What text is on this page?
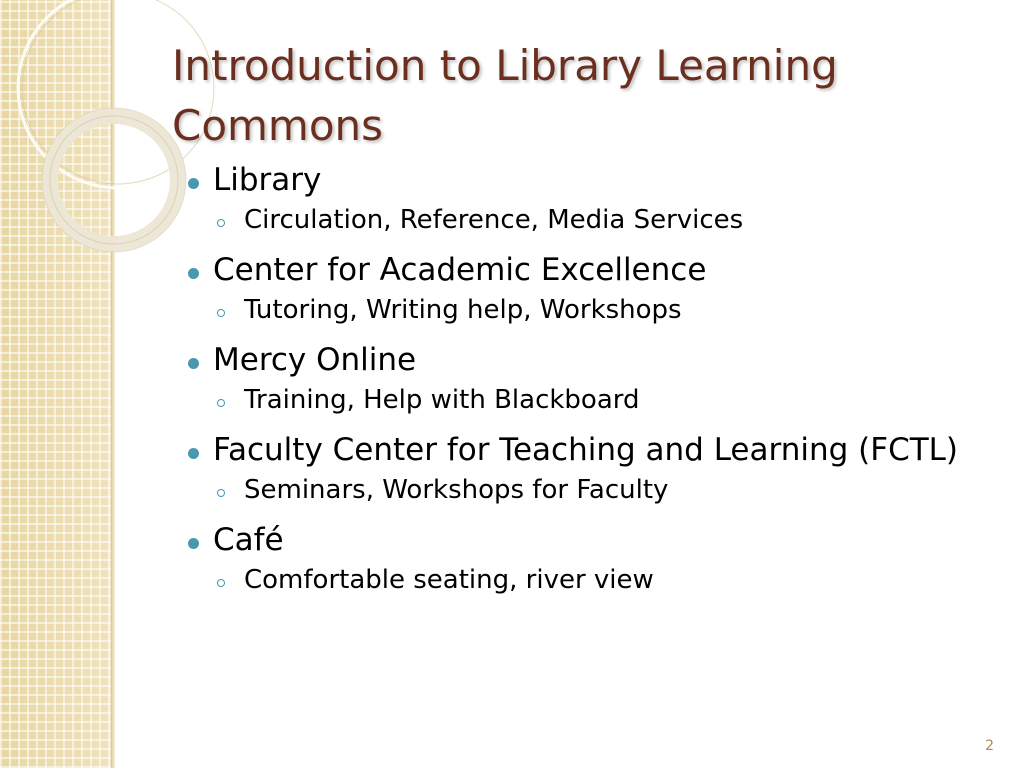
Introduction to Library Learning Commons
Library
Circulation, Reference, Media Services
Center for Academic Excellence
Tutoring, Writing help, Workshops
Mercy Online
Training, Help with Blackboard
Faculty Center for Teaching and Learning (FCTL)
Seminars, Workshops for Faculty
Café
Comfortable seating, river view
2
